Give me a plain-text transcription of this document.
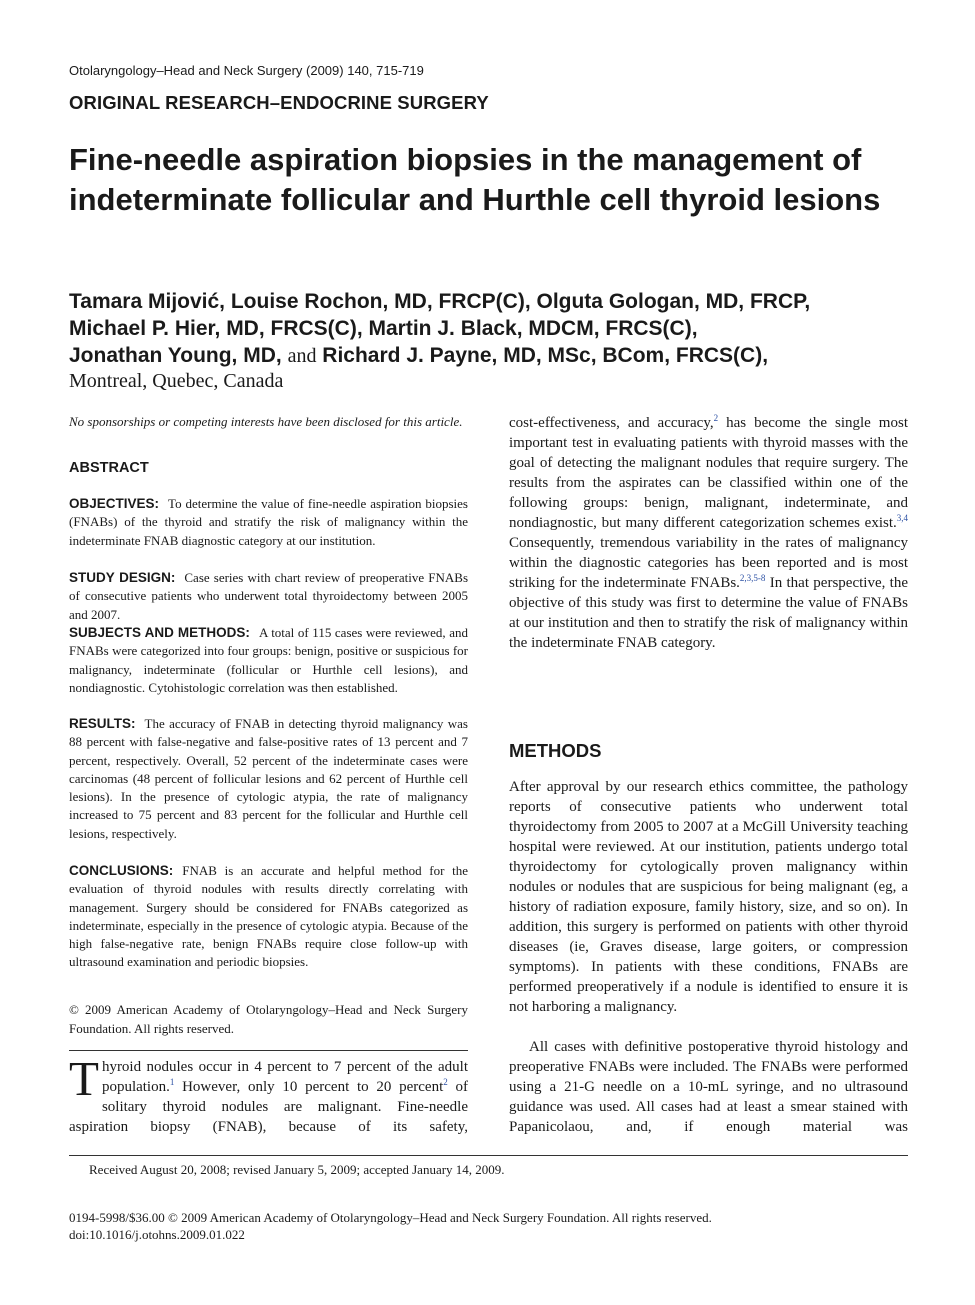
Otolaryngology–Head and Neck Surgery (2009) 140, 715-719
ORIGINAL RESEARCH–ENDOCRINE SURGERY
Fine-needle aspiration biopsies in the management of indeterminate follicular and Hurthle cell thyroid lesions
Tamara Mijović, Louise Rochon, MD, FRCP(C), Olguta Gologan, MD, FRCP,
Michael P. Hier, MD, FRCS(C), Martin J. Black, MDCM, FRCS(C),
Jonathan Young, MD, and Richard J. Payne, MD, MSc, BCom, FRCS(C),
Montreal, Quebec, Canada
No sponsorships or competing interests have been disclosed for this article.
ABSTRACT
OBJECTIVES: To determine the value of fine-needle aspiration biopsies (FNABs) of the thyroid and stratify the risk of malignancy within the indeterminate FNAB diagnostic category at our institution.
STUDY DESIGN: Case series with chart review of preoperative FNABs of consecutive patients who underwent total thyroidectomy between 2005 and 2007.
SUBJECTS AND METHODS: A total of 115 cases were reviewed, and FNABs were categorized into four groups: benign, positive or suspicious for malignancy, indeterminate (follicular or Hurthle cell lesions), and nondiagnostic. Cytohistologic correlation was then established.
RESULTS: The accuracy of FNAB in detecting thyroid malignancy was 88 percent with false-negative and false-positive rates of 13 percent and 7 percent, respectively. Overall, 52 percent of the indeterminate cases were carcinomas (48 percent of follicular lesions and 62 percent of Hurthle cell lesions). In the presence of cytologic atypia, the rate of malignancy increased to 75 percent and 83 percent for the follicular and Hurthle cell lesions, respectively.
CONCLUSIONS: FNAB is an accurate and helpful method for the evaluation of thyroid nodules with results directly correlating with management. Surgery should be considered for FNABs categorized as indeterminate, especially in the presence of cytologic atypia. Because of the high false-negative rate, benign FNABs require close follow-up with ultrasound examination and periodic biopsies.
© 2009 American Academy of Otolaryngology–Head and Neck Surgery Foundation. All rights reserved.
Thyroid nodules occur in 4 percent to 7 percent of the adult population.$^1$ However, only 10 percent to 20 percent$^2$ of solitary thyroid nodules are malignant. Fine-needle aspiration biopsy (FNAB), because of its safety,
cost-effectiveness, and accuracy,$^2$ has become the single most important test in evaluating patients with thyroid masses with the goal of detecting the malignant nodules that require surgery. The results from the aspirates can be classified within one of the following groups: benign, malignant, indeterminate, and nondiagnostic, but many different categorization schemes exist.$^{3,4}$ Consequently, tremendous variability in the rates of malignancy within the diagnostic categories has been reported and is most striking for the indeterminate FNABs.$^{2,3,5-8}$ In that perspective, the objective of this study was first to determine the value of FNABs at our institution and then to stratify the risk of malignancy within the indeterminate FNAB category.
METHODS
After approval by our research ethics committee, the pathology reports of consecutive patients who underwent total thyroidectomy from 2005 to 2007 at a McGill University teaching hospital were reviewed. At our institution, patients undergo total thyroidectomy for cytologically proven malignancy within nodules or nodules that are suspicious for being malignant (eg, a history of radiation exposure, family history, size, and so on). In addition, this surgery is performed on patients with other thyroid diseases (ie, Graves disease, large goiters, or compression symptoms). In patients with these conditions, FNABs are performed preoperatively if a nodule is identified to ensure it is not harboring a malignancy.
All cases with definitive postoperative thyroid histology and preoperative FNABs were included. The FNABs were performed using a 21-G needle on a 10-mL syringe, and no ultrasound guidance was used. All cases had at least a smear stained with Papanicolaou, and, if enough material was
Received August 20, 2008; revised January 5, 2009; accepted January 14, 2009.
0194-5998/$36.00 © 2009 American Academy of Otolaryngology–Head and Neck Surgery Foundation. All rights reserved.
doi:10.1016/j.otohns.2009.01.022
